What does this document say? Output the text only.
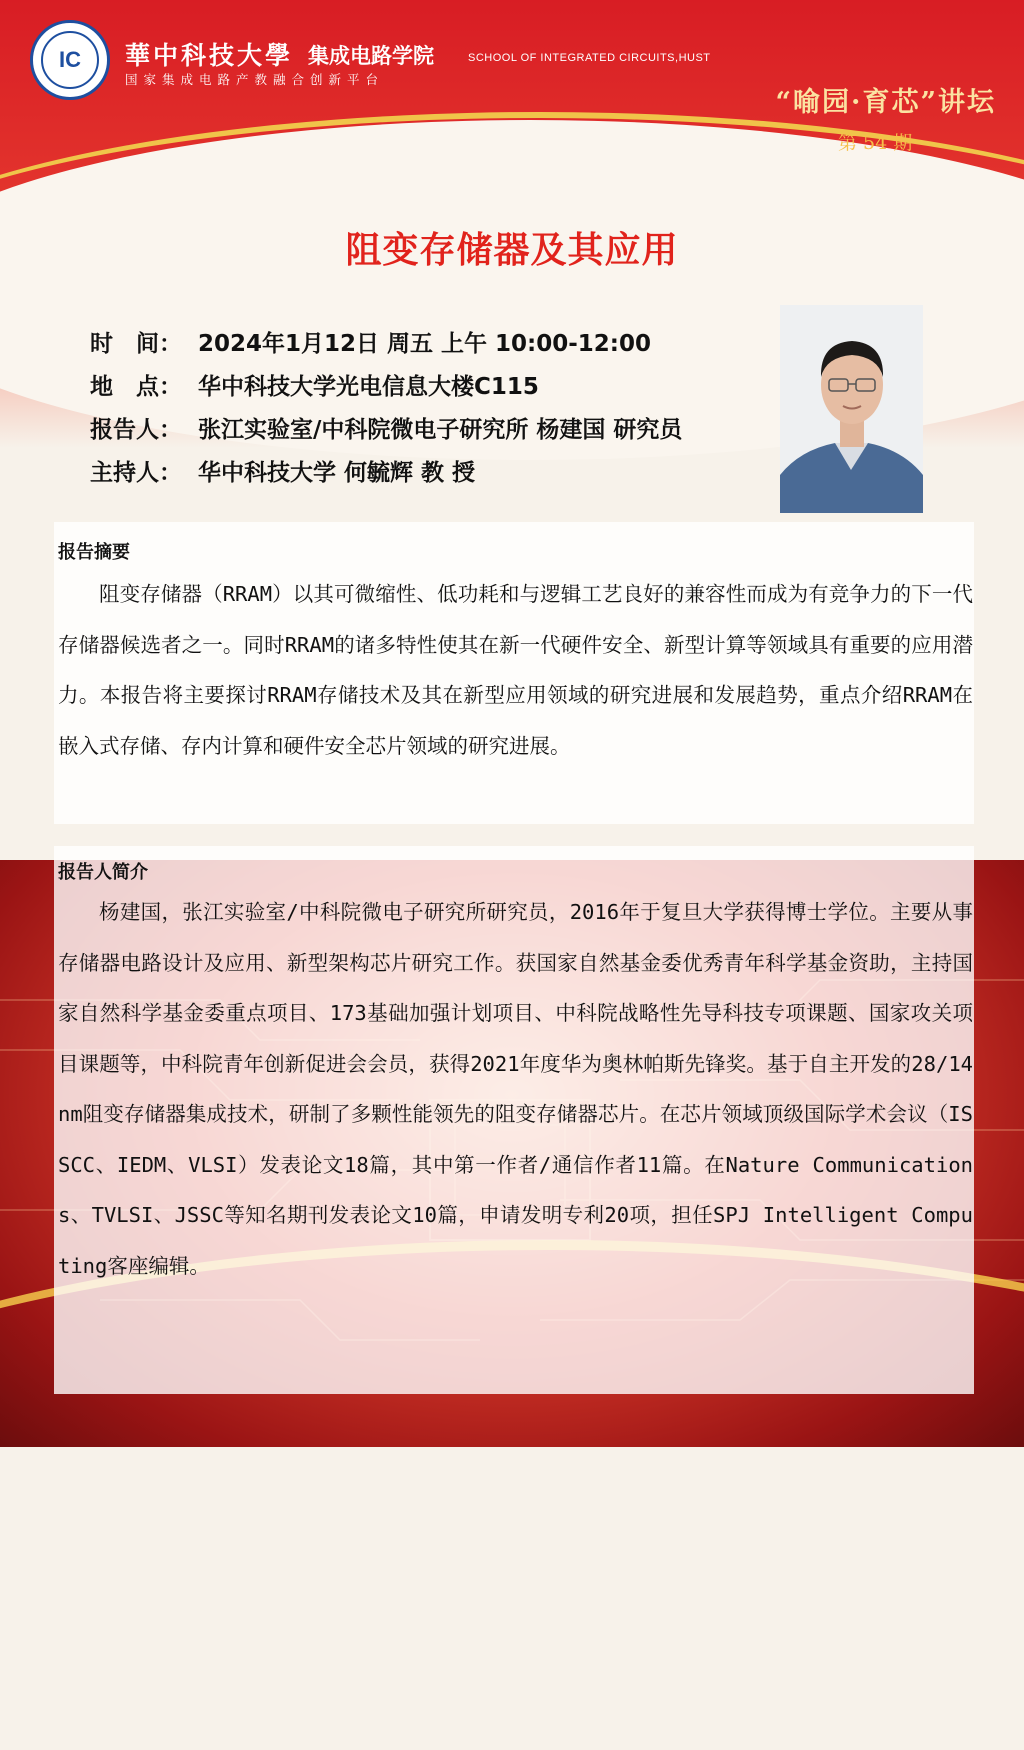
IC	華中科技大學 集成电路学院	SCHOOL OF INTEGRATED CIRCUITS,HUST
国家集成电路产教融合创新平台
“喻园·育芯”讲坛
第 54 期
阻变存储器及其应用
时　间： 2024年1月12日 周五 上午 10:00-12:00
地　点： 华中科技大学光电信息大楼C115
报告人： 张江实验室/中科院微电子研究所 杨建国 研究员
主持人： 华中科技大学 何毓辉 教 授
报告摘要
阻变存储器（RRAM）以其可微缩性、低功耗和与逻辑工艺良好的兼容性而成为有竞争力的下一代存储器候选者之一。同时RRAM的诸多特性使其在新一代硬件安全、新型计算等领域具有重要的应用潜力。本报告将主要探讨RRAM存储技术及其在新型应用领域的研究进展和发展趋势，重点介绍RRAM在嵌入式存储、存内计算和硬件安全芯片领域的研究进展。
报告人简介
杨建国，张江实验室/中科院微电子研究所研究员，2016年于复旦大学获得博士学位。主要从事存储器电路设计及应用、新型架构芯片研究工作。获国家自然基金委优秀青年科学基金资助，主持国家自然科学基金委重点项目、173基础加强计划项目、中科院战略性先导科技专项课题、国家攻关项目课题等，中科院青年创新促进会会员，获得2021年度华为奥林帕斯先锋奖。基于自主开发的28/14nm阻变存储器集成技术，研制了多颗性能领先的阻变存储器芯片。在芯片领域顶级国际学术会议（ISSCC、IEDM、VLSI）发表论文18篇，其中第一作者/通信作者11篇。在Nature Communications、TVLSI、JSSC等知名期刊发表论文10篇，申请发明专利20项，担任SPJ Intelligent Computing客座编辑。
